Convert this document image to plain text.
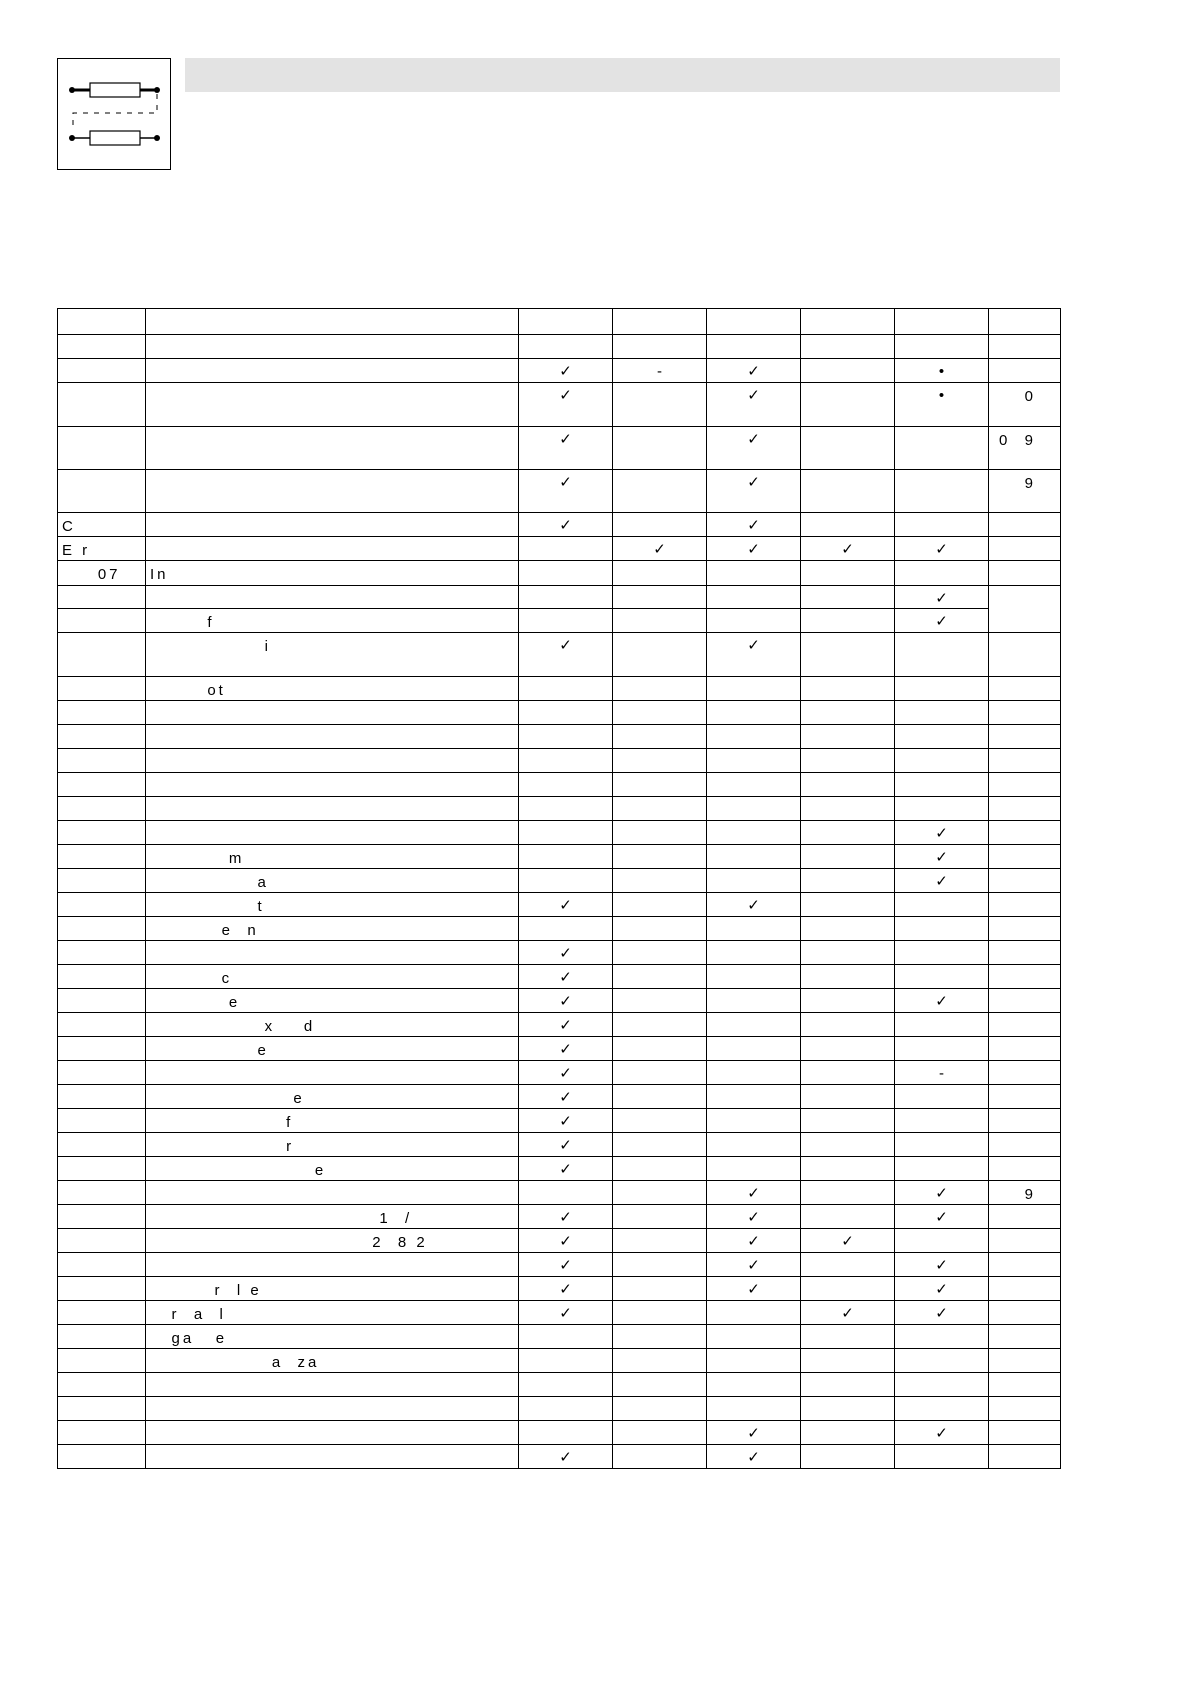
		✓	-	✓		•	
		✓		✓		•	0
		✓		✓			0  9
		✓		✓			9
C		✓		✓			
E r			✓	✓	✓	✓	
07	In						
						✓	
	f					✓	
	i	✓		✓			
	ot						

						✓	
	m					✓	
	a					✓	
	t	✓		✓			
	e  n						
		✓					
	c	✓					
	e	✓				✓	
	x    d	✓					
	e	✓					
		✓				-	
	e	✓					
	f	✓					
	r	✓					
	e	✓					
				✓		✓	9
	1  /	✓		✓		✓	
	2  8 2	✓		✓	✓		
		✓		✓		✓	
	r  l e	✓		✓		✓	
	r  a  l	✓			✓	✓	
	ga   e						
	a  za						

				✓		✓	
		✓		✓			
